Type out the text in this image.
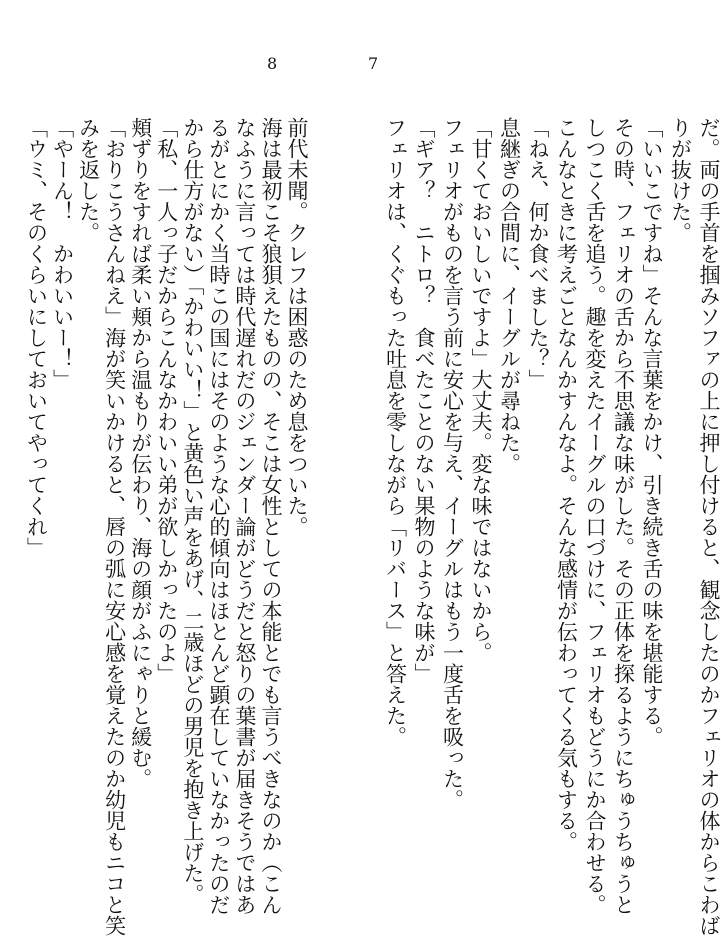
8	7
だ。両の手首を掴みソファの上に押し付けると、観念したのかフェリオの体からこわば
りが抜けた。
「いいこですね」そんな言葉をかけ、引き続き舌の味を堪能する。
その時、フェリオの舌から不思議な味がした。その正体を探るようにちゅうちゅうと
しつこく舌を追う。趣を変えたイーグルの口づけに、フェリオもどうにか合わせる。
こんなときに考えごとなんかすんなよ。そんな感情が伝わってくる気もする。
「ねえ、何か食べました？」
息継ぎの合間に、イーグルが尋ねた。
「甘くておいしいですよ」大丈夫。変な味ではないから。
フェリオがものを言う前に安心を与え、イーグルはもう一度舌を吸った。
「ギア？　ニトロ？　食べたことのない果物のような味が」
フェリオは、くぐもった吐息を零しながら「リバース」と答えた。
前代未聞。クレフは困惑のため息をついた。
海は最初こそ狼狽えたものの、そこは女性としての本能とでも言うべきなのか（こん
なふうに言っては時代遅れだのジェンダー論がどうだと怒りの葉書が届きそうではあ
るがとにかく当時この国にはそのような心的傾向はほとんど顕在していなかったのだ
から仕方がない）「かわいい！」と黄色い声をあげ、二歳ほどの男児を抱き上げた。
「私、一人っ子だからこんなかわいい弟が欲しかったのよ」
頬ずりをすれば柔い頬から温もりが伝わり、海の顔がふにゃりと緩む。
「おりこうさんねえ」海が笑いかけると、唇の弧に安心感を覚えたのか幼児もニコと笑
みを返した。
「やーん！　かわいいー！」
「ウミ、そのくらいにしておいてやってくれ」
